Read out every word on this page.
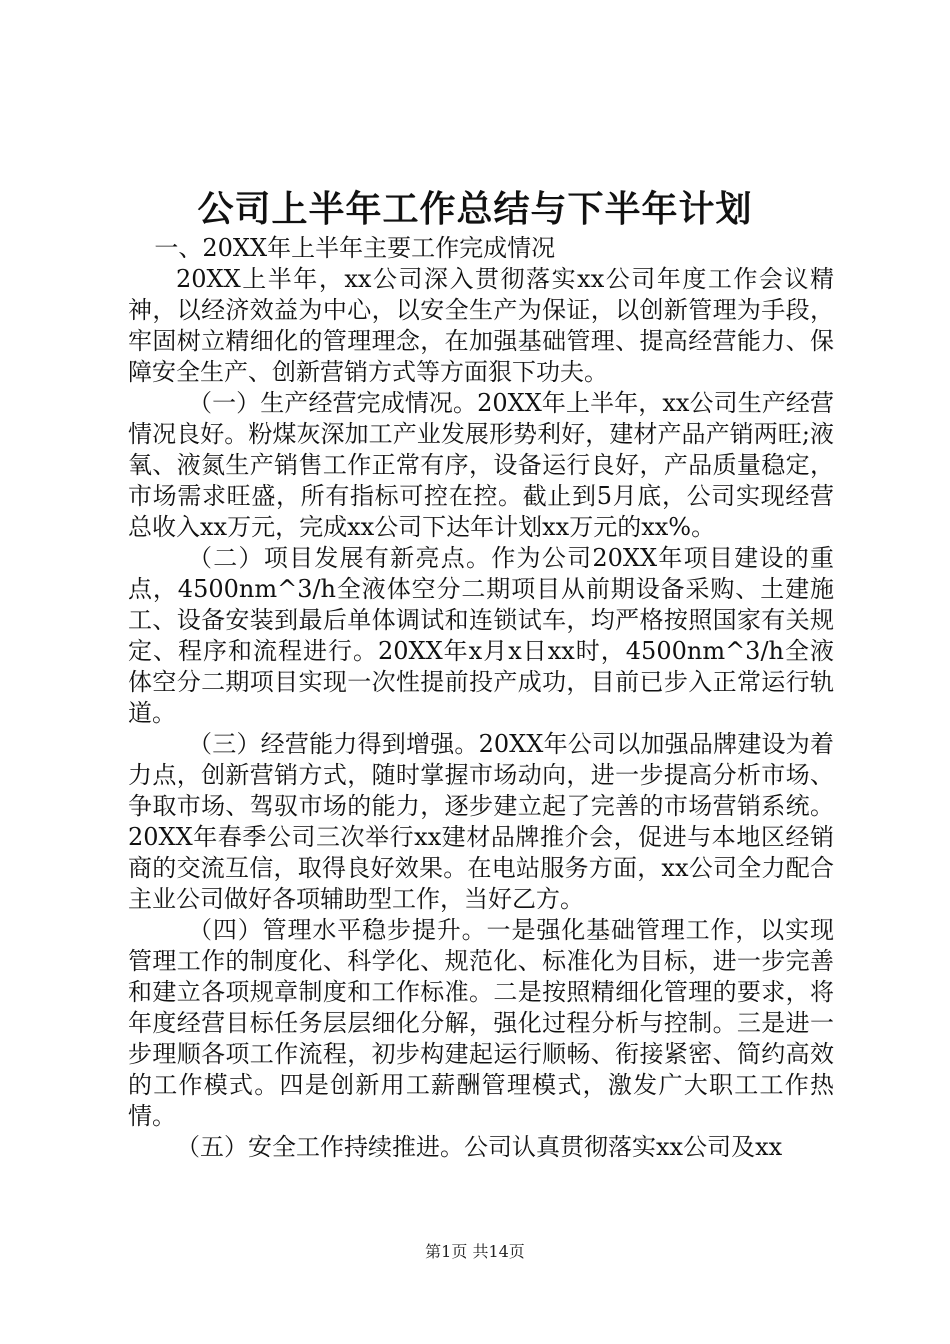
公司上半年工作总结与下半年计划

一、20XX年上半年主要工作完成情况

20XX上半年，xx公司深入贯彻落实xx公司年度工作会议精神，以经济效益为中心，以安全生产为保证，以创新管理为手段，牢固树立精细化的管理理念，在加强基础管理、提高经营能力、保障安全生产、创新营销方式等方面狠下功夫。

（一）生产经营完成情况。20XX年上半年，xx公司生产经营情况良好。粉煤灰深加工产业发展形势利好，建材产品产销两旺;液氧、液氮生产销售工作正常有序，设备运行良好，产品质量稳定，市场需求旺盛，所有指标可控在控。截止到5月底，公司实现经营总收入xx万元，完成xx公司下达年计划xx万元的xx%。

（二）项目发展有新亮点。作为公司20XX年项目建设的重点，4500nm^3/h全液体空分二期项目从前期设备采购、土建施工、设备安装到最后单体调试和连锁试车，均严格按照国家有关规定、程序和流程进行。20XX年x月x日xx时，4500nm^3/h全液体空分二期项目实现一次性提前投产成功，目前已步入正常运行轨道。

（三）经营能力得到增强。20XX年公司以加强品牌建设为着力点，创新营销方式，随时掌握市场动向，进一步提高分析市场、争取市场、驾驭市场的能力，逐步建立起了完善的市场营销系统。20XX年春季公司三次举行xx建材品牌推介会，促进与本地区经销商的交流互信，取得良好效果。在电站服务方面，xx公司全力配合主业公司做好各项辅助型工作，当好乙方。

（四）管理水平稳步提升。一是强化基础管理工作，以实现管理工作的制度化、科学化、规范化、标准化为目标，进一步完善和建立各项规章制度和工作标准。二是按照精细化管理的要求，将年度经营目标任务层层细化分解，强化过程分析与控制。三是进一步理顺各项工作流程，初步构建起运行顺畅、衔接紧密、简约高效的工作模式。四是创新用工薪酬管理模式，激发广大职工工作热情。

（五）安全工作持续推进。公司认真贯彻落实xx公司及xx

第1页 共14页
